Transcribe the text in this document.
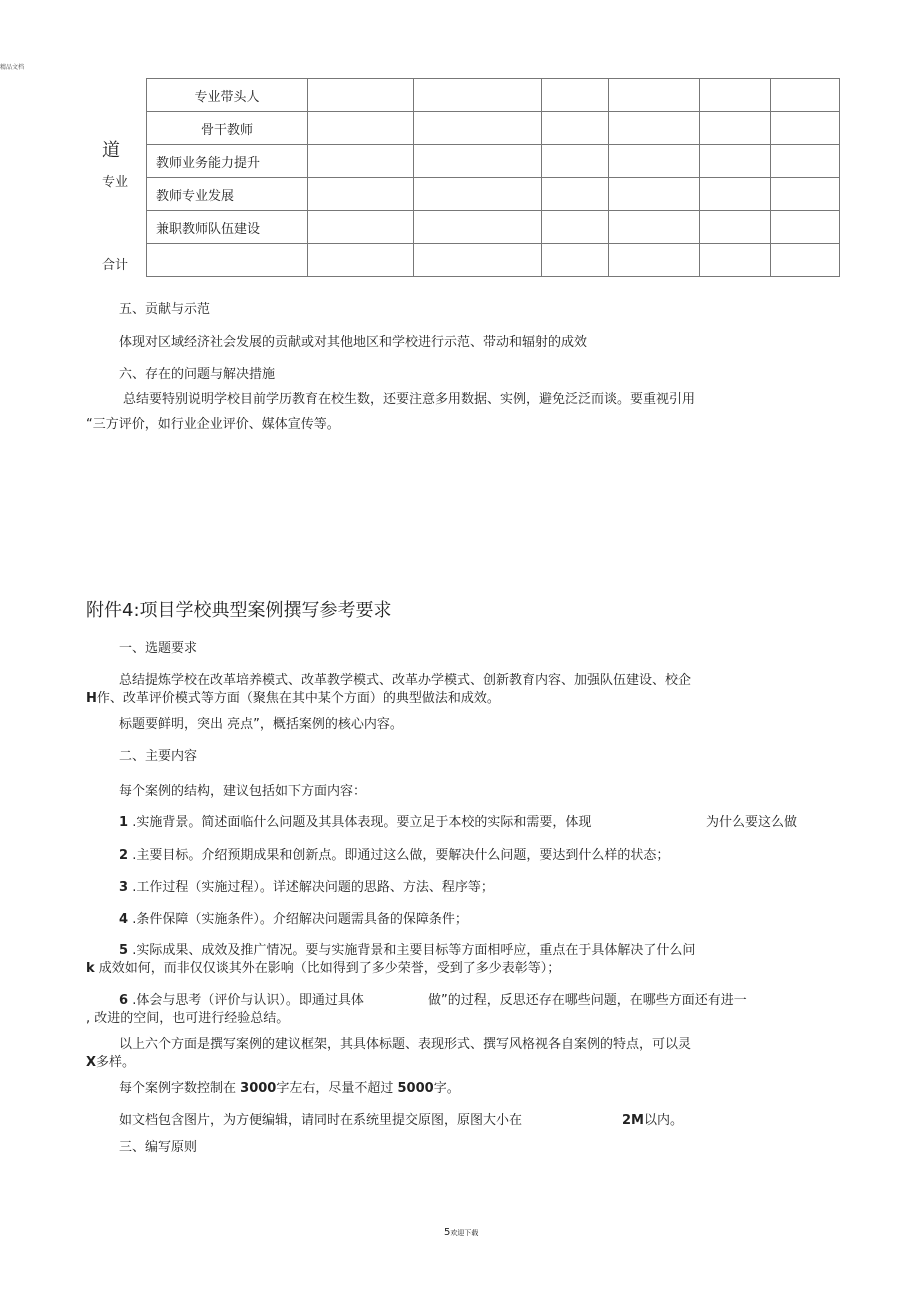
精品文档
	专业带头人						

道	骨干教师						

专业	教师业务能力提升						
	教师专业发展						
	兼职教师队伍建设						

合计							

五、贡献与示范
体现对区域经济社会发展的贡献或对其他地区和学校进行示范、带动和辐射的成效
六、存在的问题与解决措施
总结要特别说明学校目前学历教育在校生数，还要注意多用数据、实例，避免泛泛而谈。要重视引用
“三方评价，如行业企业评价、媒体宣传等。
附件4:项目学校典型案例撰写参考要求
一、选题要求
总结提炼学校在改革培养模式、改革教学模式、改革办学模式、创新教育内容、加强队伍建设、校企
H作、改革评价模式等方面（聚焦在其中某个方面）的典型做法和成效。
标题要鲜明，突出 亮点”，概括案例的核心内容。
二、主要内容
每个案例的结构，建议包括如下方面内容：
1 .实施背景。简述面临什么问题及其具体表现。要立足于本校的实际和需要，体现	为什么要这么做
2 .主要目标。介绍预期成果和创新点。即通过这么做，要解决什么问题，要达到什么样的状态；
3 .工作过程（实施过程）。详述解决问题的思路、方法、程序等；
4 .条件保障（实施条件）。介绍解决问题需具备的保障条件；
5 .实际成果、成效及推广情况。要与实施背景和主要目标等方面相呼应，重点在于具体解决了什么问
k 成效如何，而非仅仅谈其外在影响（比如得到了多少荣誉，受到了多少表彰等）；
6 .体会与思考（评价与认识）。即通过具体	做”的过程，反思还存在哪些问题，在哪些方面还有进一
, 改进的空间，也可进行经验总结。
以上六个方面是撰写案例的建议框架，其具体标题、表现形式、撰写风格视各自案例的特点，可以灵
X多样。
每个案例字数控制在 3000字左右，尽量不超过 5000字。
如文档包含图片，为方便编辑，请同时在系统里提交原图，原图大小在	2M以内。
三、编写原则
5欢迎下载
